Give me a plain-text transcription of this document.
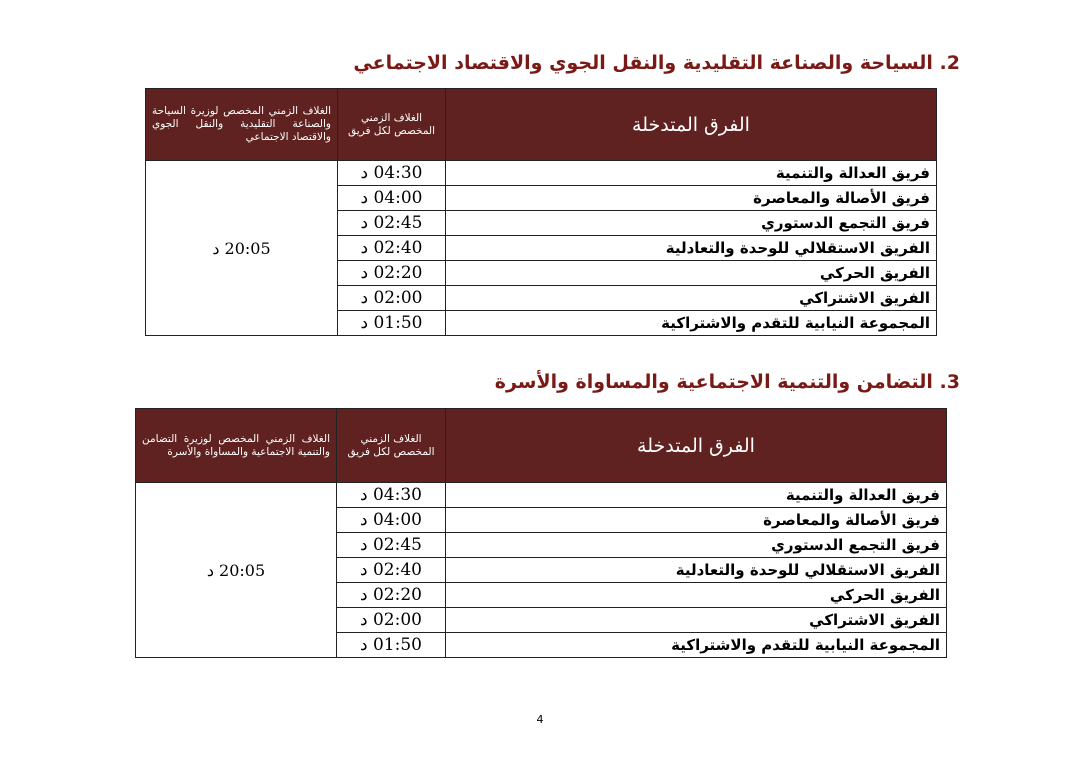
2. السياحة والصناعة التقليدية والنقل الجوي والاقتصاد الاجتماعي
الفرق المتدخلة	الغلاف الزمني المخصص لكل فريق	الغلاف الزمني المخصص لوزيرة السياحة والصناعة التقليدية والنقل الجوي والاقتصاد الاجتماعي
فريق العدالة والتنمية	04:30 د	20:05 د
فريق الأصالة والمعاصرة	04:00 د	
فريق التجمع الدستوري	02:45 د	
الفريق الاستقلالي للوحدة والتعادلية	02:40 د	
الفريق الحركي	02:20 د	
الفريق الاشتراكي	02:00 د	
المجموعة النيابية للتقدم والاشتراكية	01:50 د	
3. التضامن والتنمية الاجتماعية والمساواة والأسرة
الفرق المتدخلة	الغلاف الزمني المخصص لكل فريق	الغلاف الزمني المخصص لوزيرة التضامن والتنمية الاجتماعية والمساواة والأسرة
فريق العدالة والتنمية	04:30 د	20:05 د
فريق الأصالة والمعاصرة	04:00 د	
فريق التجمع الدستوري	02:45 د	
الفريق الاستقلالي للوحدة والتعادلية	02:40 د	
الفريق الحركي	02:20 د	
الفريق الاشتراكي	02:00 د	
المجموعة النيابية للتقدم والاشتراكية	01:50 د	
4
